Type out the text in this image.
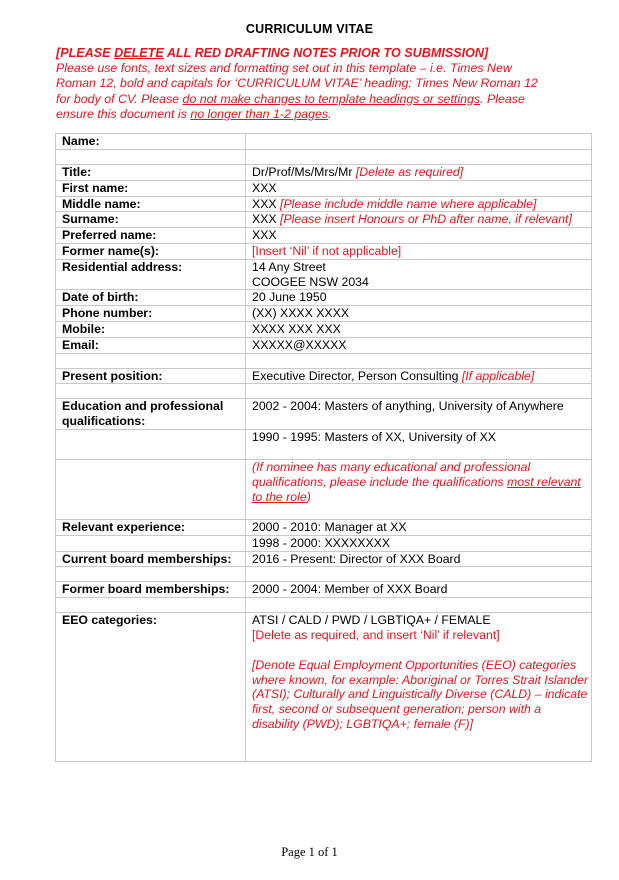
CURRICULUM VITAE
[PLEASE DELETE ALL RED DRAFTING NOTES PRIOR TO SUBMISSION]
Please use fonts, text sizes and formatting set out in this template – i.e. Times New
Roman 12, bold and capitals for ‘CURRICULUM VITAE’ heading; Times New Roman 12
for body of CV. Please do not make changes to template headings or settings. Please
ensure this document is no longer than 1-2 pages.
Name:	

Title:	Dr/Prof/Ms/Mrs/Mr [Delete as required]
First name:	XXX
Middle name:	XXX [Please include middle name where applicable]
Surname:	XXX [Please insert Honours or PhD after name, if relevant]
Preferred name:	XXX
Former name(s):	[Insert ‘Nil’ if not applicable]
Residential address:	14 Any Street
COOGEE NSW 2034

Date of birth:	20 June 1950
Phone number:	(XX) XXXX XXXX
Mobile:	XXXX XXX XXX
Email:	XXXXX@XXXXX

Present position:	Executive Director, Person Consulting [If applicable]

Education and professional qualifications:	2002 - 2004: Masters of anything, University of Anywhere
	1990 - 1995: Masters of XX, University of XX
	(If nominee has many educational and professional qualifications, please include the qualifications most relevant to the role)
Relevant experience:	2000 - 2010: Manager at XX
	1998 - 2000: XXXXXXXX
Current board memberships:	2016 - Present: Director of XXX Board

Former board memberships:	2000 - 2004: Member of XXX Board

EEO categories:	ATSI / CALD / PWD / LGBTIQA+ / FEMALE
[Delete as required, and insert ‘Nil’ if relevant]
[Denote Equal Employment Opportunities (EEO) categories where known, for example: Aboriginal or Torres Strait Islander (ATSI); Culturally and Linguistically Diverse (CALD) – indicate first, second or subsequent generation; person with a disability (PWD); LGBTIQA+; female (F)]
Page 1 of 1
